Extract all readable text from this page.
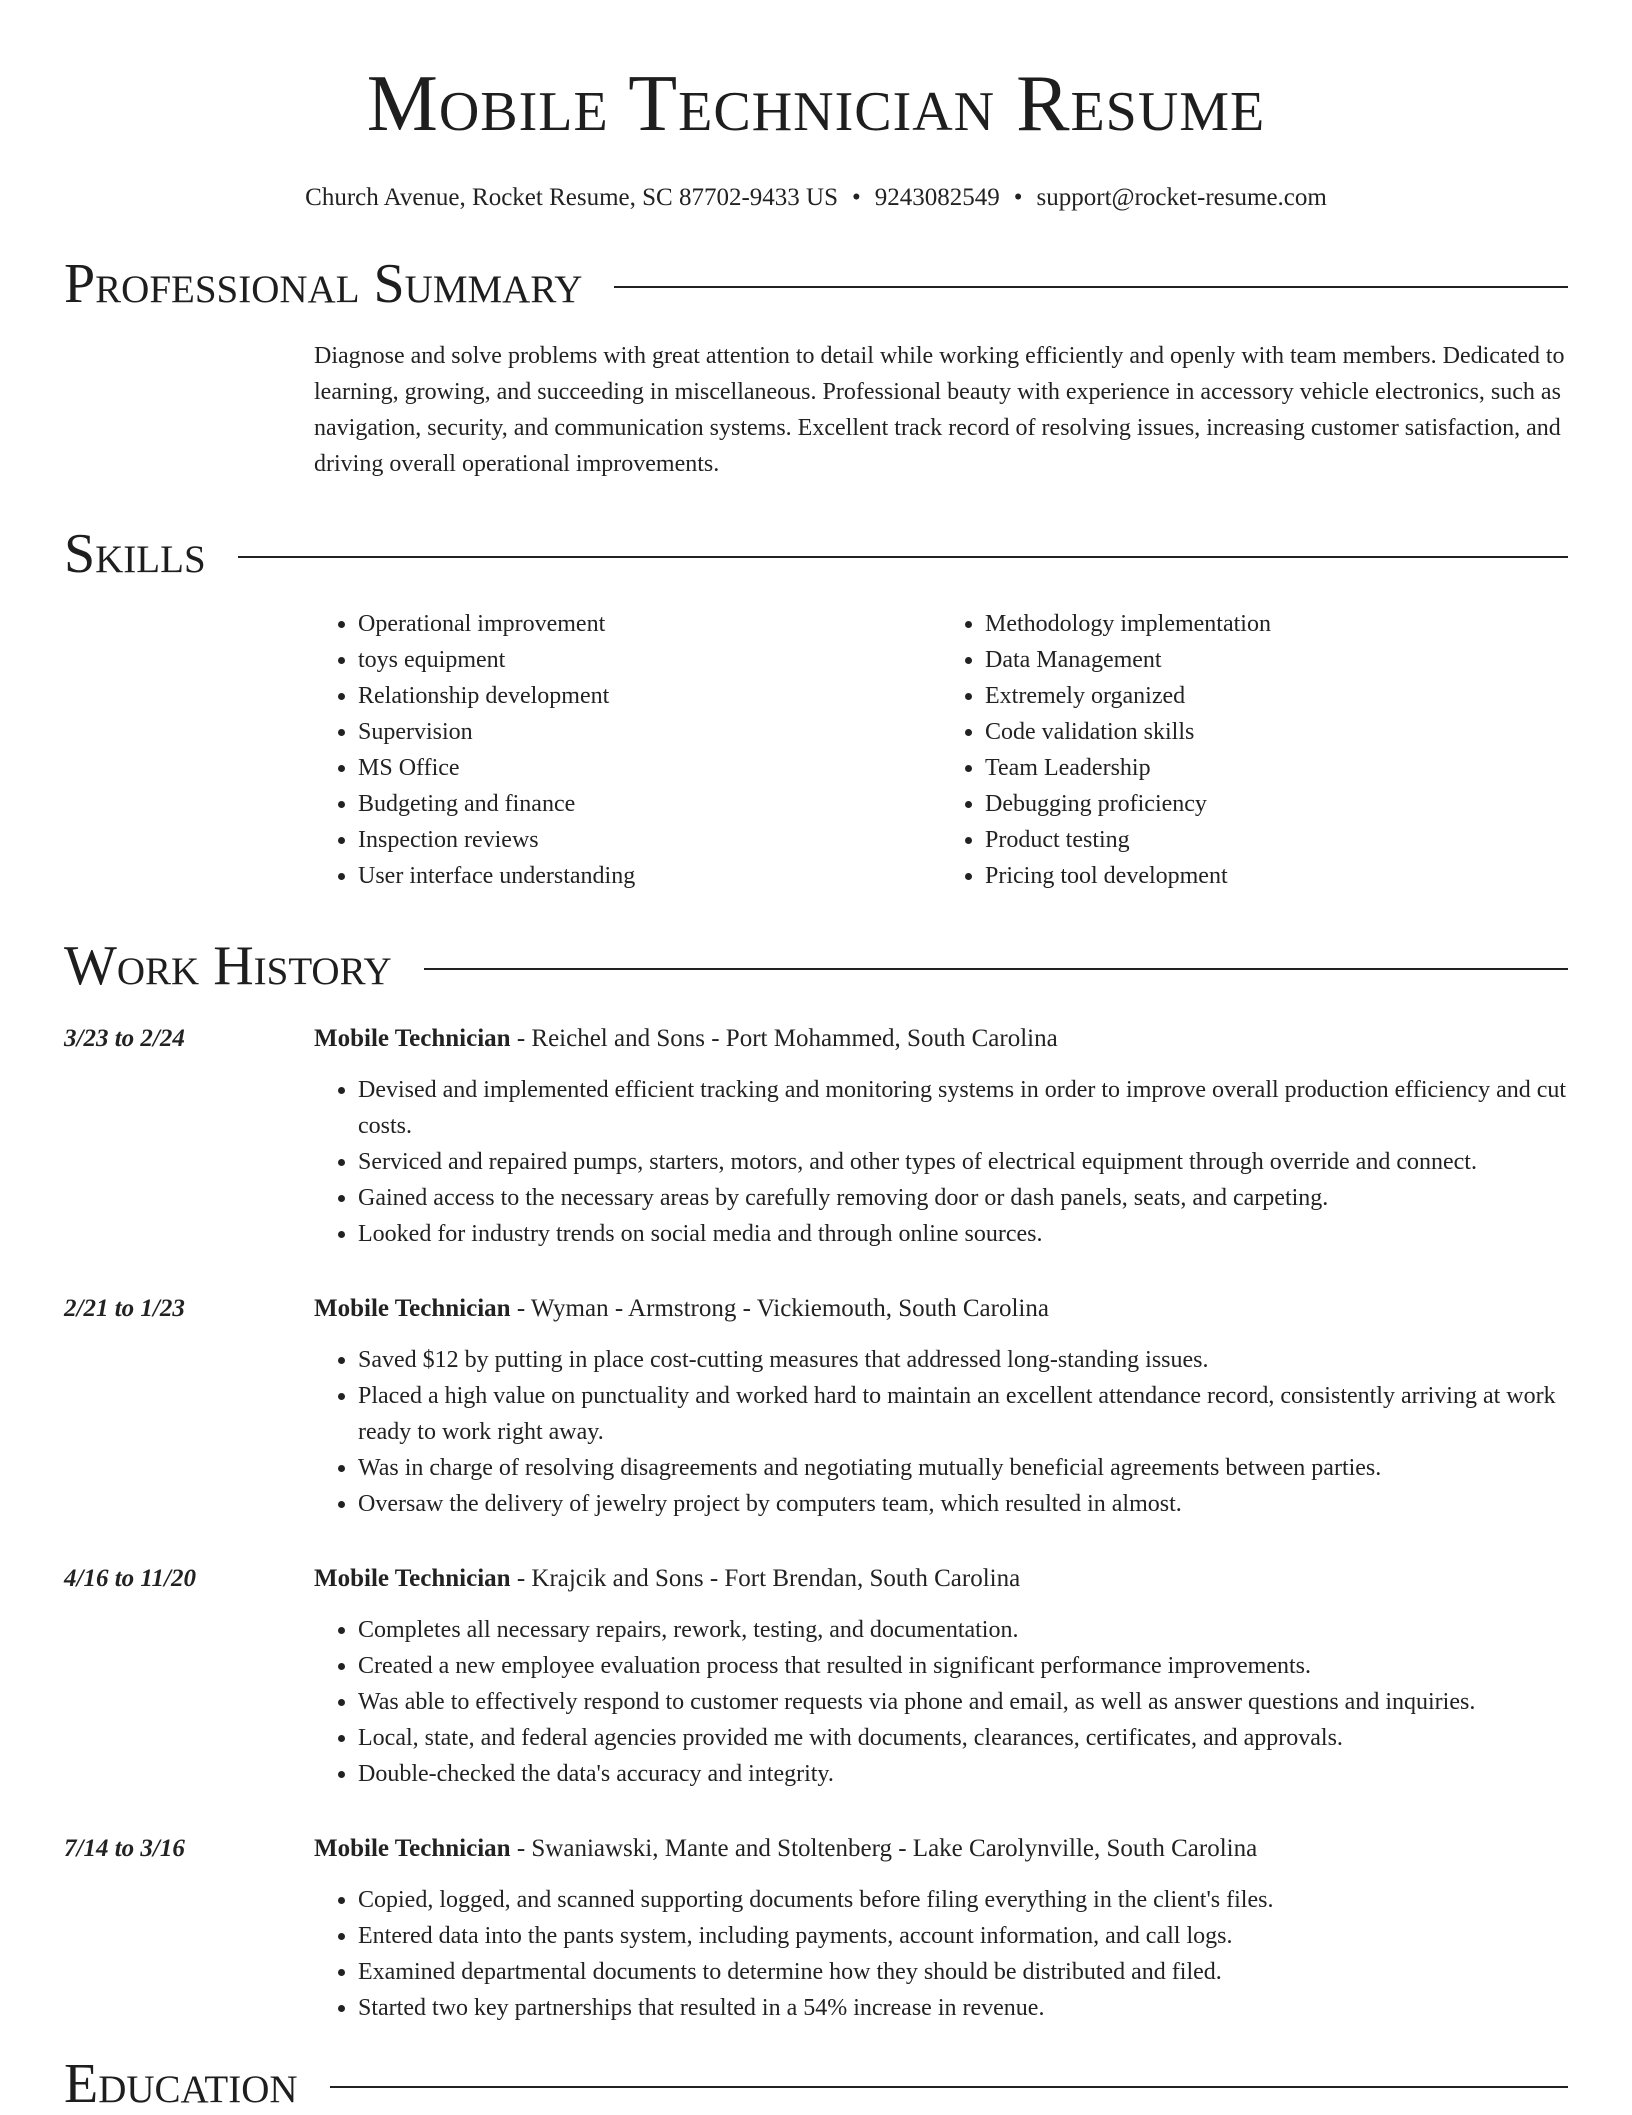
Mobile Technician Resume
Church Avenue, Rocket Resume, SC 87702-9433 US • 9243082549 • support@rocket-resume.com
Professional Summary
Diagnose and solve problems with great attention to detail while working efficiently and openly with team members. Dedicated to learning, growing, and succeeding in miscellaneous. Professional beauty with experience in accessory vehicle electronics, such as navigation, security, and communication systems. Excellent track record of resolving issues, increasing customer satisfaction, and driving overall operational improvements.
Skills
• Operational improvement
• toys equipment
• Relationship development
• Supervision
• MS Office
• Budgeting and finance
• Inspection reviews
• User interface understanding
• Methodology implementation
• Data Management
• Extremely organized
• Code validation skills
• Team Leadership
• Debugging proficiency
• Product testing
• Pricing tool development
Work History
3/23 to 2/24	Mobile Technician - Reichel and Sons - Port Mohammed, South Carolina
• Devised and implemented efficient tracking and monitoring systems in order to improve overall production efficiency and cut costs.
• Serviced and repaired pumps, starters, motors, and other types of electrical equipment through override and connect.
• Gained access to the necessary areas by carefully removing door or dash panels, seats, and carpeting.
• Looked for industry trends on social media and through online sources.
2/21 to 1/23	Mobile Technician - Wyman - Armstrong - Vickiemouth, South Carolina
• Saved $12 by putting in place cost-cutting measures that addressed long-standing issues.
• Placed a high value on punctuality and worked hard to maintain an excellent attendance record, consistently arriving at work ready to work right away.
• Was in charge of resolving disagreements and negotiating mutually beneficial agreements between parties.
• Oversaw the delivery of jewelry project by computers team, which resulted in almost.
4/16 to 11/20	Mobile Technician - Krajcik and Sons - Fort Brendan, South Carolina
• Completes all necessary repairs, rework, testing, and documentation.
• Created a new employee evaluation process that resulted in significant performance improvements.
• Was able to effectively respond to customer requests via phone and email, as well as answer questions and inquiries.
• Local, state, and federal agencies provided me with documents, clearances, certificates, and approvals.
• Double-checked the data's accuracy and integrity.
7/14 to 3/16	Mobile Technician - Swaniawski, Mante and Stoltenberg - Lake Carolynville, South Carolina
• Copied, logged, and scanned supporting documents before filing everything in the client's files.
• Entered data into the pants system, including payments, account information, and call logs.
• Examined departmental documents to determine how they should be distributed and filed.
• Started two key partnerships that resulted in a 54% increase in revenue.
Education
